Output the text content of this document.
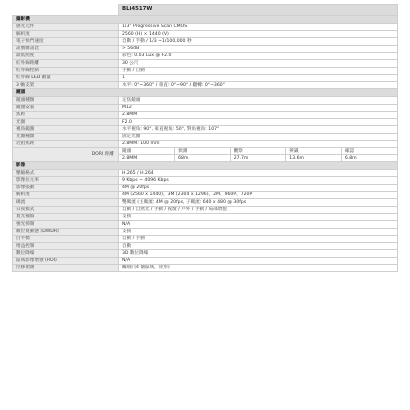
	BLi4517W
攝影機
感光元件	1/3" Progressive Scan CMOS
解析度	2560 (H) × 1440 (V)
電子快門速度	自動 / 手動 / 1/3 ~1/100,000 秒
訊號雜訊比	> 56dB
最低照度	彩色: 0.03 Lux @ F2.0
紅外線距離	30 公尺
紅外線控制	手動 / 自動
紅外線 LED 數量	1
3 軸支架	水平: 0°~360° / 垂直: 0°~90° / 翻轉: 0°~360°
鏡頭
鏡頭種類	定焦鏡頭
鏡頭安裝	M12
焦距	2.8MM
光圈	F2.0
視角範圍	水平視角: 90°, 垂直視角: 50°, 對角視角: 107°
光圈種類	固定光圈
近拍焦距	2.8MM: 100 mm
DORI 距離	
鏡頭	偵測	觀察	辨識	確認
2.8MM	68m	27.7m	13.6m	6.8m

影像
壓縮格式	H.265 / H.264
影像位元率	9 Kbps ~ 4096 Kbps
影像張數	4M @ 20fps
解析度	4M (2560 x 1440)、3M (2304 x 1296)、2M、960P、720P
碼流	雙碼流 (主碼流: 4M @ 20fps, 子碼流: 640 x 480 @ 30fps
日夜模式	自動 / 自然光 / 手動 / 夜燈 / 戶外 / 手動 / 局部增製
寬光補償	支援
強光抑制	N/A
數位寬動態 (DWDR)	支援
白平衡	自動 / 手動
增益控制	自動
數位降噪	3D 數位降噪
區域影像增強 (ROI)	N/A
位移偵測	關/開 (4 個區域，矩形)
